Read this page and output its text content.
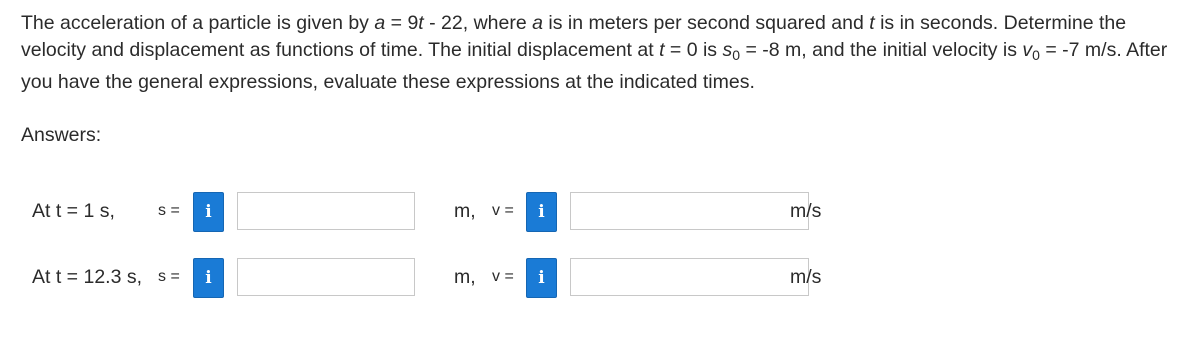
The acceleration of a particle is given by a = 9t - 22, where a is in meters per second squared and t is in seconds. Determine the velocity and displacement as functions of time. The initial displacement at t = 0 is $s_0 = -8$ m, and the initial velocity is $v_0 = -7$ m/s. After you have the general expressions, evaluate these expressions at the indicated times.
Answers:
At t = 1 s,	s =	i	m, v =	i	m/s
At t = 12.3 s, s =	i	m, v =	i	m/s
